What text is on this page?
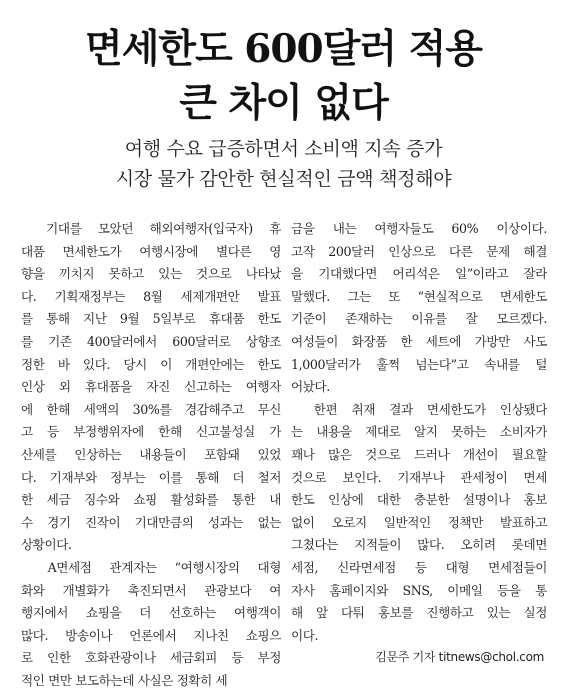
면세한도 600달러 적용
큰 차이 없다
여행 수요 급증하면서 소비액 지속 증가
시장 물가 감안한 현실적인 금액 책정해야
　기대를 모았던 해외여행자(입국자) 휴
대품 면세한도가 여행시장에 별다른 영
향을 끼치지 못하고 있는 것으로 나타났
다. 기획재정부는 8월 세제개편안 발표
를 통해 지난 9월 5일부로 휴대품 한도
를 기존 400달러에서 600달러로 상향조
정한 바 있다. 당시 이 개편안에는 한도
인상 외 휴대품을 자진 신고하는 여행자
에 한해 세액의 30%를 경감해주고 무신
고 등 부정행위자에 한해 신고불성실 가
산세를 인상하는 내용들이 포함돼 있었
다. 기재부와 정부는 이를 통해 더 철저
한 세금 징수와 쇼핑 활성화를 통한 내
수 경기 진작이 기대만큼의 성과는 없는
상황이다.
　A면세점 관계자는 “여행시장의 대형
화와 개별화가 촉진되면서 관광보다 여
행지에서 쇼핑을 더 선호하는 여행객이
많다. 방송이나 언론에서 지나친 쇼핑으
로 인한 호화관광이나 세금회피 등 부정
적인 면만 보도하는데 사실은 정확히 세
금을 내는 여행자들도 60% 이상이다.
고작 200달러 인상으로 다른 문제 해결
을 기대했다면 어리석은 일”이라고 잘라
말했다. 그는 또 “현실적으로 면세한도
기준이 존재하는 이유를 잘 모르겠다.
여성들이 화장품 한 세트에 가방만 사도
1,000달러가 훌쩍 넘는다”고 속내를 털
어놨다.
　한편 취재 결과 면세한도가 인상됐다
는 내용을 제대로 알지 못하는 소비자가
꽤나 많은 것으로 드러나 개선이 필요할
것으로 보인다. 기재부나 관세청이 면세
한도 인상에 대한 충분한 설명이나 홍보
없이 오로지 일반적인 정책만 발표하고
그쳤다는 지적들이 많다. 오히려 롯데면
세점, 신라면세점 등 대형 면세점들이
자사 홈페이지와 SNS, 이메일 등을 통
해 앞 다퉈 홍보를 진행하고 있는 실정
이다.
김문주 기자 titnews@chol.com
